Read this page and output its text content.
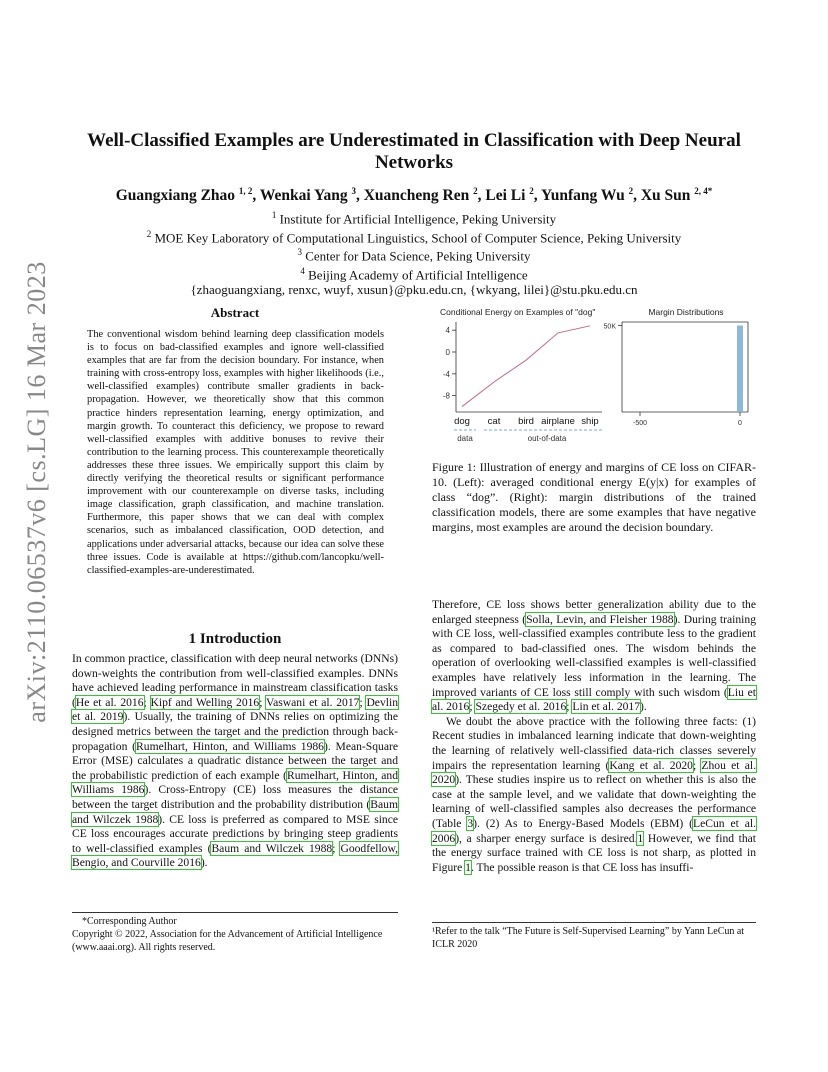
arXiv:2110.06537v6 [cs.LG] 16 Mar 2023
Well-Classified Examples are Underestimated in Classification with Deep Neural Networks
Guangxiang Zhao $^{1, 2}$, Wenkai Yang $^3$, Xuancheng Ren $^2$, Lei Li $^2$, Yunfang Wu $^2$, Xu Sun $^{2, 4*}$
$^1$ Institute for Artificial Intelligence, Peking University
$^2$ MOE Key Laboratory of Computational Linguistics, School of Computer Science, Peking University
$^3$ Center for Data Science, Peking University
$^4$ Beijing Academy of Artificial Intelligence
{zhaoguangxiang, renxc, wuyf, xusun}@pku.edu.cn, {wkyang, lilei}@stu.pku.edu.cn
Abstract
The conventional wisdom behind learning deep classification models is to focus on bad-classified examples and ignore well-classified examples that are far from the decision boundary. For instance, when training with cross-entropy loss, examples with higher likelihoods (i.e., well-classified examples) contribute smaller gradients in back-propagation. However, we theoretically show that this common practice hinders representation learning, energy optimization, and margin growth. To counteract this deficiency, we propose to reward well-classified examples with additive bonuses to revive their contribution to the learning process. This counterexample theoretically addresses these three issues. We empirically support this claim by directly verifying the theoretical results or significant performance improvement with our counterexample on diverse tasks, including image classification, graph classification, and machine translation. Furthermore, this paper shows that we can deal with complex scenarios, such as imbalanced classification, OOD detection, and applications under adversarial attacks, because our idea can solve these three issues. Code is available at https://github.com/lancopku/well-classified-examples-are-underestimated.
1 Introduction
In common practice, classification with deep neural networks (DNNs) down-weights the contribution from well-classified examples. DNNs have achieved leading performance in mainstream classification tasks (He et al. 2016; Kipf and Welling 2016; Vaswani et al. 2017; Devlin et al. 2019). Usually, the training of DNNs relies on optimizing the designed metrics between the target and the prediction through back-propagation (Rumelhart, Hinton, and Williams 1986). Mean-Square Error (MSE) calculates a quadratic distance between the target and the probabilistic prediction of each example (Rumelhart, Hinton, and Williams 1986). Cross-Entropy (CE) loss measures the distance between the target distribution and the probability distribution (Baum and Wilczek 1988). CE loss is preferred as compared to MSE since CE loss encourages accurate predictions by bringing steep gradients to well-classified examples (Baum and Wilczek 1988; Goodfellow, Bengio, and Courville 2016).
*Corresponding Author
Copyright © 2022, Association for the Advancement of Artificial Intelligence (www.aaai.org). All rights reserved.
Conditional Energy on Examples of "dog"
4
0
-4
-8
dog cat bird airplane ship
data	out-of-data
Margin Distributions
50K
-500	0
Figure 1: Illustration of energy and margins of CE loss on CIFAR-10. (Left): averaged conditional energy E(y|x) for examples of class “dog”. (Right): margin distributions of the trained classification models, there are some examples that have negative margins, most examples are around the decision boundary.

Therefore, CE loss shows better generalization ability due to the enlarged steepness (Solla, Levin, and Fleisher 1988). During training with CE loss, well-classified examples contribute less to the gradient as compared to bad-classified ones. The wisdom behinds the operation of overlooking well-classified examples is well-classified examples have relatively less information in the learning. The improved variants of CE loss still comply with such wisdom (Liu et al. 2016; Szegedy et al. 2016; Lin et al. 2017).

We doubt the above practice with the following three facts: (1) Recent studies in imbalanced learning indicate that down-weighting the learning of relatively well-classified data-rich classes severely impairs the representation learning (Kang et al. 2020; Zhou et al. 2020). These studies inspire us to reflect on whether this is also the case at the sample level, and we validate that down-weighting the learning of well-classified samples also decreases the performance (Table 3). (2) As to Energy-Based Models (EBM) (LeCun et al. 2006), a sharper energy surface is desired.1 However, we find that the energy surface trained with CE loss is not sharp, as plotted in Figure 1. The possible reason is that CE loss has insuffi-

¹Refer to the talk “The Future is Self-Supervised Learning” by Yann LeCun at ICLR 2020
